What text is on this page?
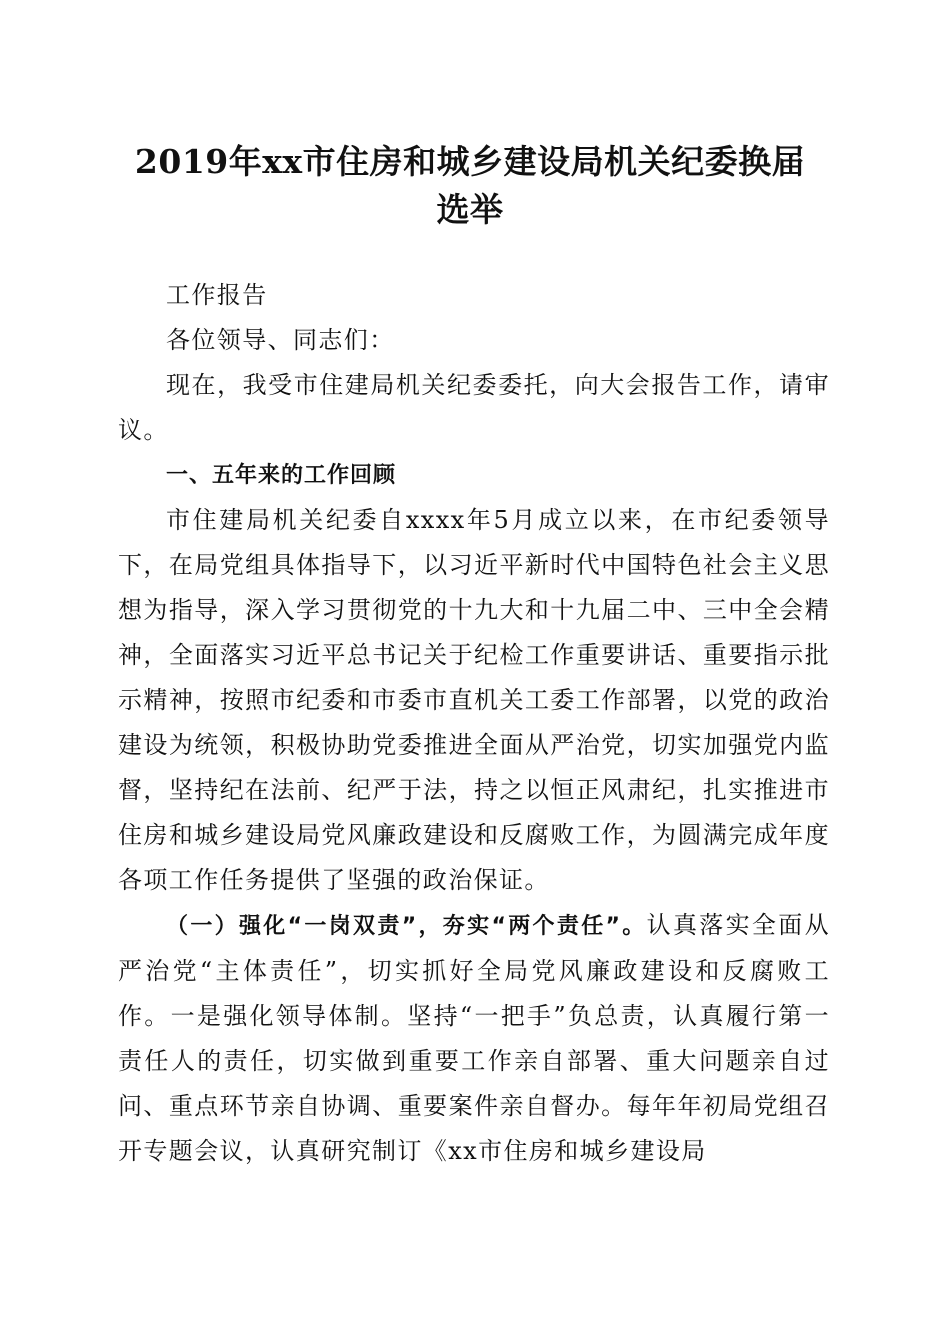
2019年xx市住房和城乡建设局机关纪委换届
选举

工作报告

各位领导、同志们：

现在，我受市住建局机关纪委委托，向大会报告工作，请审议。

一、五年来的工作回顾

市住建局机关纪委自xxxx年5月成立以来，在市纪委领导下，在局党组具体指导下，以习近平新时代中国特色社会主义思想为指导，深入学习贯彻党的十九大和十九届二中、三中全会精神，全面落实习近平总书记关于纪检工作重要讲话、重要指示批示精神，按照市纪委和市委市直机关工委工作部署，以党的政治建设为统领，积极协助党委推进全面从严治党，切实加强党内监督，坚持纪在法前、纪严于法，持之以恒正风肃纪，扎实推进市住房和城乡建设局党风廉政建设和反腐败工作，为圆满完成年度各项工作任务提供了坚强的政治保证。

（一）强化“一岗双责”，夯实“两个责任”。认真落实全面从严治党“主体责任”，切实抓好全局党风廉政建设和反腐败工作。一是强化领导体制。坚持“一把手”负总责，认真履行第一责任人的责任，切实做到重要工作亲自部署、重大问题亲自过问、重点环节亲自协调、重要案件亲自督办。每年年初局党组召开专题会议，认真研究制订《xx市住房和城乡建设局
